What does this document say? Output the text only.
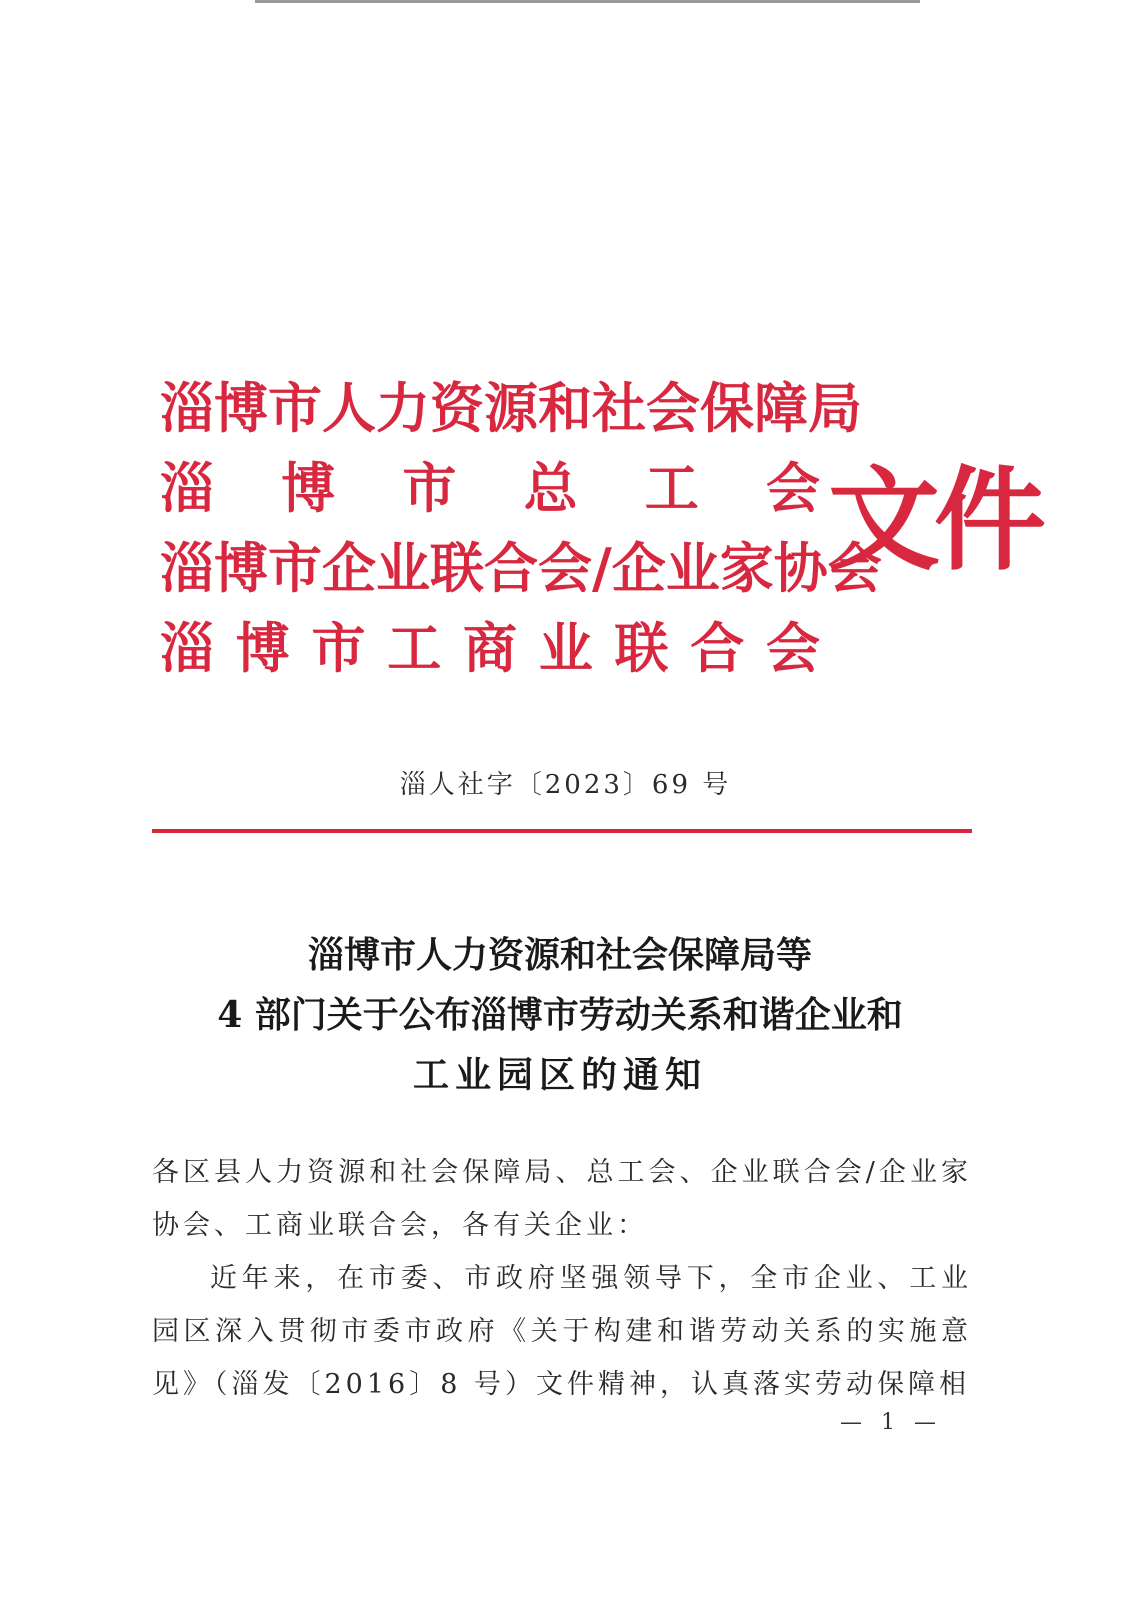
淄博市人力资源和社会保障局
淄 博 市 总 工 会
淄博市企业联合会/企业家协会
淄 博 市 工 商 业 联 合 会
文件
淄人社字〔2023〕69 号
淄博市人力资源和社会保障局等
4 部门关于公布淄博市劳动关系和谐企业和
工业园区的通知

各区县人力资源和社会保障局、总工会、企业联合会/企业家协会、工商业联合会，各有关企业：

近年来，在市委、市政府坚强领导下，全市企业、工业园区深入贯彻市委市政府《关于构建和谐劳动关系的实施意见》（淄发〔2016〕8 号）文件精神，认真落实劳动保障相

— 1 —
